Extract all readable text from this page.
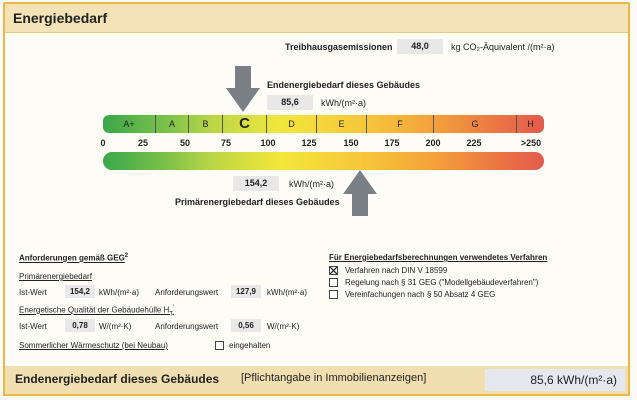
Energiebedarf
Treibhausgasemissionen	48,0	kg CO₂-Äquivalent /(m²·a)
Endenergiebedarf dieses Gebäudes
85,6	kWh/(m²·a)
A+	A	B	C	D	E	F	G	H
0	25	50	75	100	125	150	175	200	225	>250
154,2	kWh/(m²·a)
Primärenergiebedarf dieses Gebäudes
Anforderungen gemäß GEG$^2$
Primärenergiebedarf
Ist-Wert	154,2	kWh/(m²·a) Anforderungswert	127,9	kWh/(m²·a)
Energetische Qualität der Gebäudehülle $H_T'$
Ist-Wert	0,78	W/(m²·K)	Anforderungswert	0,56	W/(m²·K)
Sommerlicher Wärmeschutz (bei Neubau)	eingehalten
Für Energiebedarfsberechnungen verwendetes Verfahren
Verfahren nach DIN V 18599
Regelung nach § 31 GEG ("Modellgebäudeverfahren")
Vereinfachungen nach § 50 Absatz 4 GEG
Endenergiebedarf dieses Gebäudes [Pflichtangabe in Immobilienanzeigen]	85,6 kWh/(m²·a)
